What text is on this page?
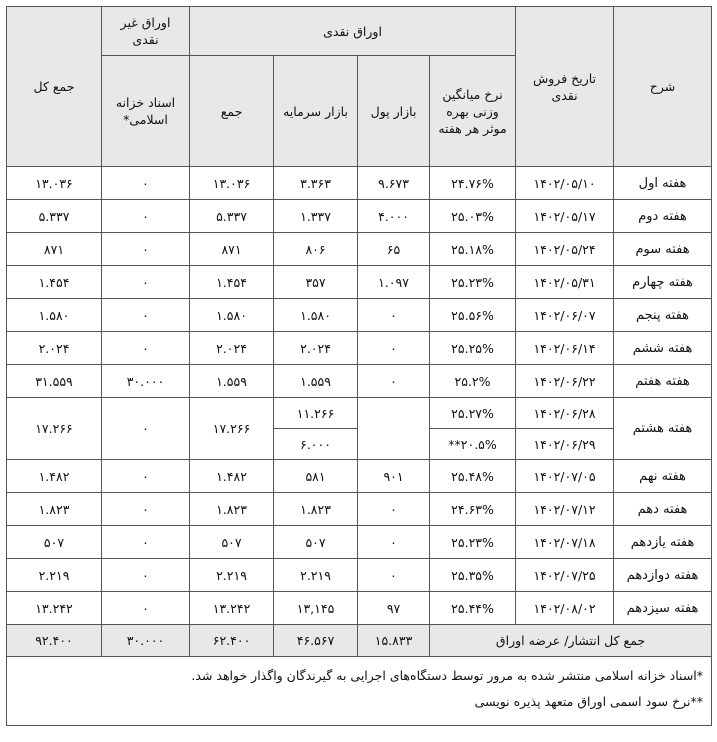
شرح	تاریخ فروش نقدی	اوراق نقدی				اوراق غیر نقدی	جمع کل
		نرخ میانگین وزنی بهره موثر هر هفته	بازار پول	بازار سرمایه	جمع	اسناد خزانه اسلامی*	
هفته اول	۱۴۰۲/۰۵/۱۰	۲۴.۷۶%	۹.۶۷۳	۳.۳۶۳	۱۳.۰۳۶	۰	۱۳.۰۳۶
هفته دوم	۱۴۰۲/۰۵/۱۷	۲۵.۰۳%	۴.۰۰۰	۱.۳۳۷	۵.۳۳۷	۰	۵.۳۳۷
هفته سوم	۱۴۰۲/۰۵/۲۴	۲۵.۱۸%	۶۵	۸۰۶	۸۷۱	۰	۸۷۱
هفته چهارم	۱۴۰۲/۰۵/۳۱	۲۵.۲۳%	۱.۰۹۷	۳۵۷	۱.۴۵۴	۰	۱.۴۵۴
هفته پنجم	۱۴۰۲/۰۶/۰۷	۲۵.۵۶%	۰	۱.۵۸۰	۱.۵۸۰	۰	۱.۵۸۰
هفته ششم	۱۴۰۲/۰۶/۱۴	۲۵.۲۵%	۰	۲.۰۲۴	۲.۰۲۴	۰	۲.۰۲۴
هفته هفتم	۱۴۰۲/۰۶/۲۲	۲۵.۲%	۰	۱.۵۵۹	۱.۵۵۹	۳۰.۰۰۰	۳۱.۵۵۹
هفته هشتم	۱۴۰۲/۰۶/۲۸	۲۵.۲۷%		۱۱.۲۶۶	۱۷.۲۶۶	۰	۱۷.۲۶۶
	۱۴۰۲/۰۶/۲۹	۲۰.۵%**		۶.۰۰۰			
هفته نهم	۱۴۰۲/۰۷/۰۵	۲۵.۴۸%	۹۰۱	۵۸۱	۱.۴۸۲	۰	۱.۴۸۲
هفته دهم	۱۴۰۲/۰۷/۱۲	۲۴.۶۳%	۰	۱.۸۲۳	۱.۸۲۳	۰	۱.۸۲۳
هفته یازدهم	۱۴۰۲/۰۷/۱۸	۲۵.۲۳%	۰	۵۰۷	۵۰۷	۰	۵۰۷
هفته دوازدهم	۱۴۰۲/۰۷/۲۵	۲۵.۳۵%	۰	۲.۲۱۹	۲.۲۱۹	۰	۲.۲۱۹
هفته سیزدهم	۱۴۰۲/۰۸/۰۲	۲۵.۴۴%	۹۷	۱۳,۱۴۵	۱۳.۲۴۲	۰	۱۳.۲۴۲
جمع کل انتشار/ عرضه اوراق			۱۵.۸۳۳	۴۶.۵۶۷	۶۲.۴۰۰	۳۰.۰۰۰	۹۲.۴۰۰

*اسناد خزانه اسلامی منتشر شده به مرور توسط دستگاه‌های اجرایی به گیرندگان واگذار خواهد شد.
**نرخ سود اسمی اوراق متعهد پذیره نویسی							
